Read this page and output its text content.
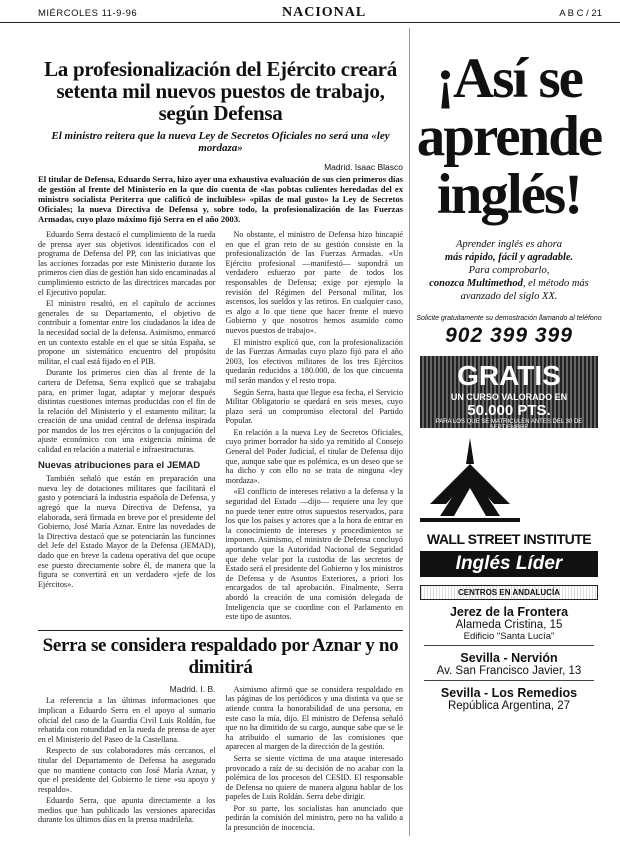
MIÉRCOLES 11-9-96	NACIONAL	A B C / 21
La profesionalización del Ejército creará setenta mil nuevos puestos de trabajo, según Defensa
El ministro reitera que la nueva Ley de Secretos Oficiales no será una «ley mordaza»
Madrid. Isaac Blasco
El titular de Defensa, Eduardo Serra, hizo ayer una exhaustiva evaluación de sus cien primeros días de gestión al frente del Ministerio en la que dio cuenta de «las pobtas culientes heredadas del ex ministro socialista Periterra que calificó de incluibles» «pilas de mal gusto» la Ley de Secretos Oficiales; la nueva Directiva de Defensa y, sobre todo, la profesionalización de las Fuerzas Armadas, cuyo plazo máximo fijó Serra en el año 2003.

Eduardo Serra destacó el cumplimiento de la rueda de prensa ayer sus objetivos identificados con el programa de Defensa del PP, con las iniciativas que las acciones forzadas por este Ministerio durante los primeros cien días de gestión han sido encaminadas al cumplimiento estricto de las directrices marcadas por el Ejecutivo popular.

El ministro resaltó, en el capítulo de acciones generales de su Departamento, el objetivo de contribuir a fomentar entre los ciudadanos la idea de la necesidad social de la defensa. Asimismo, enmarcó en un contexto estable en el que se sitúa España, se propone un sistemático encuentro del propósito militar, el cual está fijado en el PIB.

Durante los primeros cien días al frente de la cartera de Defensa, Serra explicó que se trabajaba para, en primer lugar, adaptar y mejorar después distintas cuestiones internas producidas con el fin de la relación del Ministerio y el estamento militar; la creación de una unidad central de defensa inspirada por mandos de los tres ejércitos o la conjugación del ajuste económico con una exigencia mínima de calidad en relación a material e infraestructuras.

Nuevas atribuciones para el JEMAD

También señaló que están en preparación una nueva ley de dotaciones militares que facilitará el gasto y potenciará la industria española de Defensa, y agregó que la nueva Directiva de Defensa, ya elaborada, será firmada en breve por el presidente del Gobierno, José María Aznar. Entre las novedades de la Directiva destacó que se potenciarán las funciones del Jefe del Estado Mayor de la Defensa (JEMAD), dado que en breve la cadena operativa del que ocupe ese puesto directamente sobre él, de manera que la figura se convertirá en un verdadero «jefe de los Ejércitos».

No obstante, el ministro de Defensa hizo hincapié en que el gran reto de su gestión consiste en la profesionalización de las Fuerzas Armadas. «Un Ejército profesional —manifestó— supondrá un verdadero esfuerzo por parte de todos los responsables de Defensa; exige por ejemplo la revisión del Régimen del Personal militar, los ascensos, los sueldos y las retiros. En cualquier caso, es algo a lo que tiene que hacer frente el nuevo Gobierno y que nosotros hemos asumido como nuevos puestos de trabajo».

El ministro explicó que, con la profesionalización de las Fuerzas Armadas cuyo plazo fijó para el año 2003, los efectivos militares de los tres Ejércitos quedarán reducidos a 180.000, de los que cincuenta mil serán mandos y el resto tropa.

Según Serra, hasta que llegue esa fecha, el Servicio Militar Obligatorio se quedará en seis meses, cuyo plazo será un compromiso electoral del Partido Popular.

En relación a la nueva Ley de Secretos Oficiales, cuyo primer borrador ha sido ya remitido al Consejo General del Poder Judicial, el titular de Defensa dijo que, aunque sabe que es polémica, es un deseo que se ha dicho y con ello no se trata de ninguna «ley mordaza».

«El conflicto de intereses relativo a la defensa y la seguridad del Estado —dijo— requiere una ley que no puede tener entre otros supuestos reservados, para los que los países y actores que a la hora de entrar en la conocimiento de intereses y procedimientos se imponen. Asimismo, el ministro de Defensa concluyó aportando que la Autoridad Nacional de Seguridad que debe velar por la custodia de las secretos de Estado será el presidente del Gobierno y los ministros de Defensa y de Asuntos Exteriores, a priori los encargados de tal aprobación. Finalmente, Serra abordó la creación de una comisión delegada de Inteligencia que se coordine con el Parlamento en este tipo de asuntos.

Serra se considera respaldado por Aznar y no dimitirá
Madrid. I. B.

La referencia a las últimas informaciones que implican a Eduardo Serra en el apoyo al sumario oficial del caso de la Guardia Civil Luis Roldán, fue rebatida con rotundidad en la rueda de prensa de ayer en el Ministerio del Paseo de la Castellana.

Respecto de sus colaboradores más cercanos, el titular del Departamento de Defensa ha asegurado que no mantiene contacto con José María Aznar, y que el presidente del Gobierno le tiene «su apoyo y respaldo».

Eduardo Serra, que apunta directamente a los medios que han publicado las versiones aparecidas durante los últimos días en la prensa madrileña.

Asimismo afirmó que se considera respaldado en las páginas de los periódicos y una distinta va que se atiende contra la honorabilidad de una persona, en este caso la mía, dijo. El ministro de Defensa señaló que no ha dimitido de su cargo, aunque sabe que se le ha atribuido el sumario de las comisiones que aparecen al margen de la dirección de la gestión.

Serra se siente víctima de una ataque interesado provocado a raíz de su decisión de no acabar con la polémica de los procesos del CESID. El responsable de Defensa no quiere de manera alguna hablar de los papeles de Luis Roldán. Serra debe dirigir.

Por su parte, los socialistas han anunciado que pedirán la comisión del ministro, pero no ha valido a la presunción de inocencia.

¡Así se
aprende
inglés!
Aprender inglés es ahora
más rápido, fácil y agradable.
Para comprobarlo,
conozca Multimethod, el método más avanzado del siglo XX.
Solicite gratuitamente su demostración llamando al teléfono
902 399 399
GRATIS
UN CURSO VALORADO EN
50.000 PTS.
PARA LOS QUE SE MATRICULEN ANTES DEL 30 DE SEPTIEMBRE
WALL STREET INSTITUTE
Inglés Líder
CENTROS EN ANDALUCÍA
Jerez de la Frontera
Alameda Cristina, 15
Edificio "Santa Lucía"
Sevilla - Nervión
Av. San Francisco Javier, 13
Sevilla - Los Remedios
República Argentina, 27
